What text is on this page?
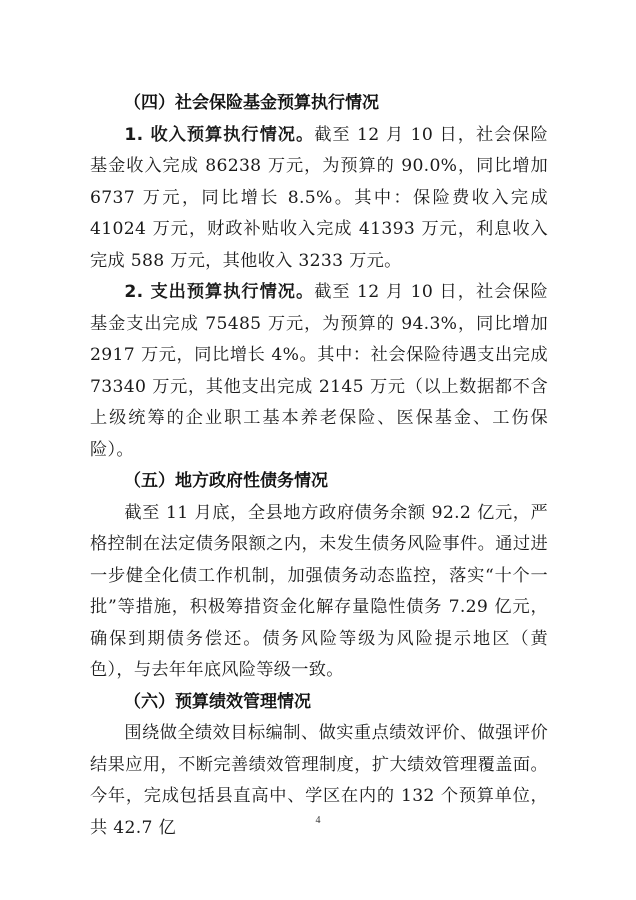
（四）社会保险基金预算执行情况

1. 收入预算执行情况。截至 12 月 10 日，社会保险基金收入完成 86238 万元，为预算的 90.0%，同比增加 6737 万元，同比增长 8.5%。其中：保险费收入完成 41024 万元，财政补贴收入完成 41393 万元，利息收入完成 588 万元，其他收入 3233 万元。

2. 支出预算执行情况。截至 12 月 10 日，社会保险基金支出完成 75485 万元，为预算的 94.3%，同比增加 2917 万元，同比增长 4%。其中：社会保险待遇支出完成 73340 万元，其他支出完成 2145 万元（以上数据都不含上级统筹的企业职工基本养老保险、医保基金、工伤保险）。

（五）地方政府性债务情况

截至 11 月底，全县地方政府债务余额 92.2 亿元，严格控制在法定债务限额之内，未发生债务风险事件。通过进一步健全化债工作机制，加强债务动态监控，落实“十个一批”等措施，积极筹措资金化解存量隐性债务 7.29 亿元，确保到期债务偿还。债务风险等级为风险提示地区（黄色），与去年年底风险等级一致。

（六）预算绩效管理情况

围绕做全绩效目标编制、做实重点绩效评价、做强评价结果应用，不断完善绩效管理制度，扩大绩效管理覆盖面。今年，完成包括县直高中、学区在内的 132 个预算单位，共 42.7 亿	4
